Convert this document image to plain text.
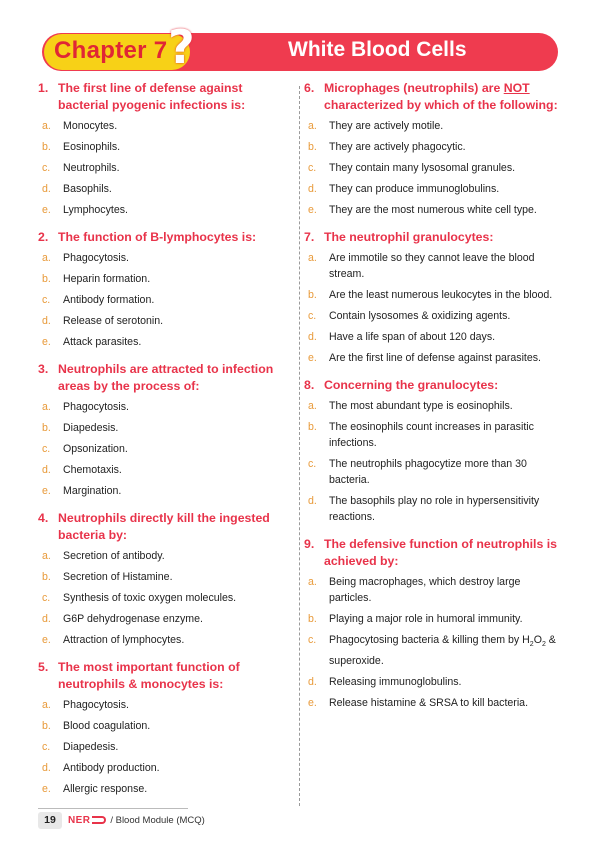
Chapter 7 ?	White Blood Cells
1. The first line of defense against bacterial pyogenic infections is:
a.	Monocytes.
b.	Eosinophils.
c.	Neutrophils.
d.	Basophils.
e.	Lymphocytes.
2. The function of B-lymphocytes is:
a.	Phagocytosis.
b.	Heparin formation.
c.	Antibody formation.
d.	Release of serotonin.
e.	Attack parasites.
3. Neutrophils are attracted to infection areas by the process of:
a.	Phagocytosis.
b.	Diapedesis.
c.	Opsonization.
d.	Chemotaxis.
e.	Margination.
4. Neutrophils directly kill the ingested bacteria by:
a.	Secretion of antibody.
b.	Secretion of Histamine.
c.	Synthesis of toxic oxygen molecules.
d.	G6P dehydrogenase enzyme.
e.	Attraction of lymphocytes.
5. The most important function of neutrophils & monocytes is:
a.	Phagocytosis.
b.	Blood coagulation.
c.	Diapedesis.
d.	Antibody production.
e.	Allergic response.
6. Microphages (neutrophils) are NOT characterized by which of the following:
a.	They are actively motile.
b.	They are actively phagocytic.
c.	They contain many lysosomal granules.
d.	They can produce immunoglobulins.
e.	They are the most numerous white cell type.
7. The neutrophil granulocytes:
a.	Are immotile so they cannot leave the blood stream.
b.	Are the least numerous leukocytes in the blood.
c.	Contain lysosomes & oxidizing agents.
d.	Have a life span of about 120 days.
e.	Are the first line of defense against parasites.
8. Concerning the granulocytes:
a.	The most abundant type is eosinophils.
b.	The eosinophils count increases in parasitic infections.
c.	The neutrophils phagocytize more than 30 bacteria.
d.	The basophils play no role in hypersensitivity reactions.
9. The defensive function of neutrophils is achieved by:
a.	Being macrophages, which destroy large particles.
b.	Playing a major role in humoral immunity.
c.	Phagocytosing bacteria & killing them by $H_2O_2$ & superoxide.
d.	Releasing immunoglobulins.
e.	Release histamine & SRSA to kill bacteria.
19	NER	/ Blood Module (MCQ)
